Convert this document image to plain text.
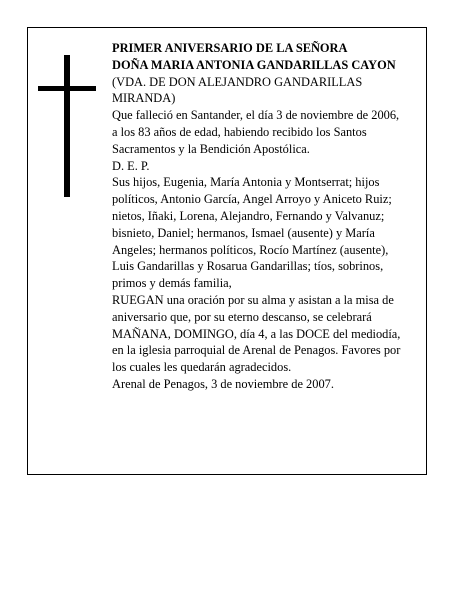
PRIMER ANIVERSARIO DE LA SEÑORA

DOÑA MARIA ANTONIA GANDARILLAS CAYON

(VDA. DE DON ALEJANDRO GANDARILLAS MIRANDA)

Que falleció en Santander, el día 3 de noviembre de 2006, a los 83 años de edad, habiendo recibido los Santos Sacramentos y la Bendición Apostólica.

D. E. P.

Sus hijos, Eugenia, María Antonia y Montserrat; hijos políticos, Antonio García, Angel Arroyo y Aniceto Ruiz; nietos, Iñaki, Lorena, Alejandro, Fernando y Valvanuz; bisnieto, Daniel; hermanos, Ismael (ausente) y María Angeles; hermanos políticos, Rocío Martínez (ausente), Luis Gandarillas y Rosarua Gandarillas; tíos, sobrinos, primos y demás familia,

RUEGAN una oración por su alma y asistan a la misa de aniversario que, por su eterno descanso, se celebrará MAÑANA, DOMINGO, día 4, a las DOCE del mediodía, en la iglesia parroquial de Arenal de Penagos. Favores por los cuales les quedarán agradecidos.

Arenal de Penagos, 3 de noviembre de 2007.
